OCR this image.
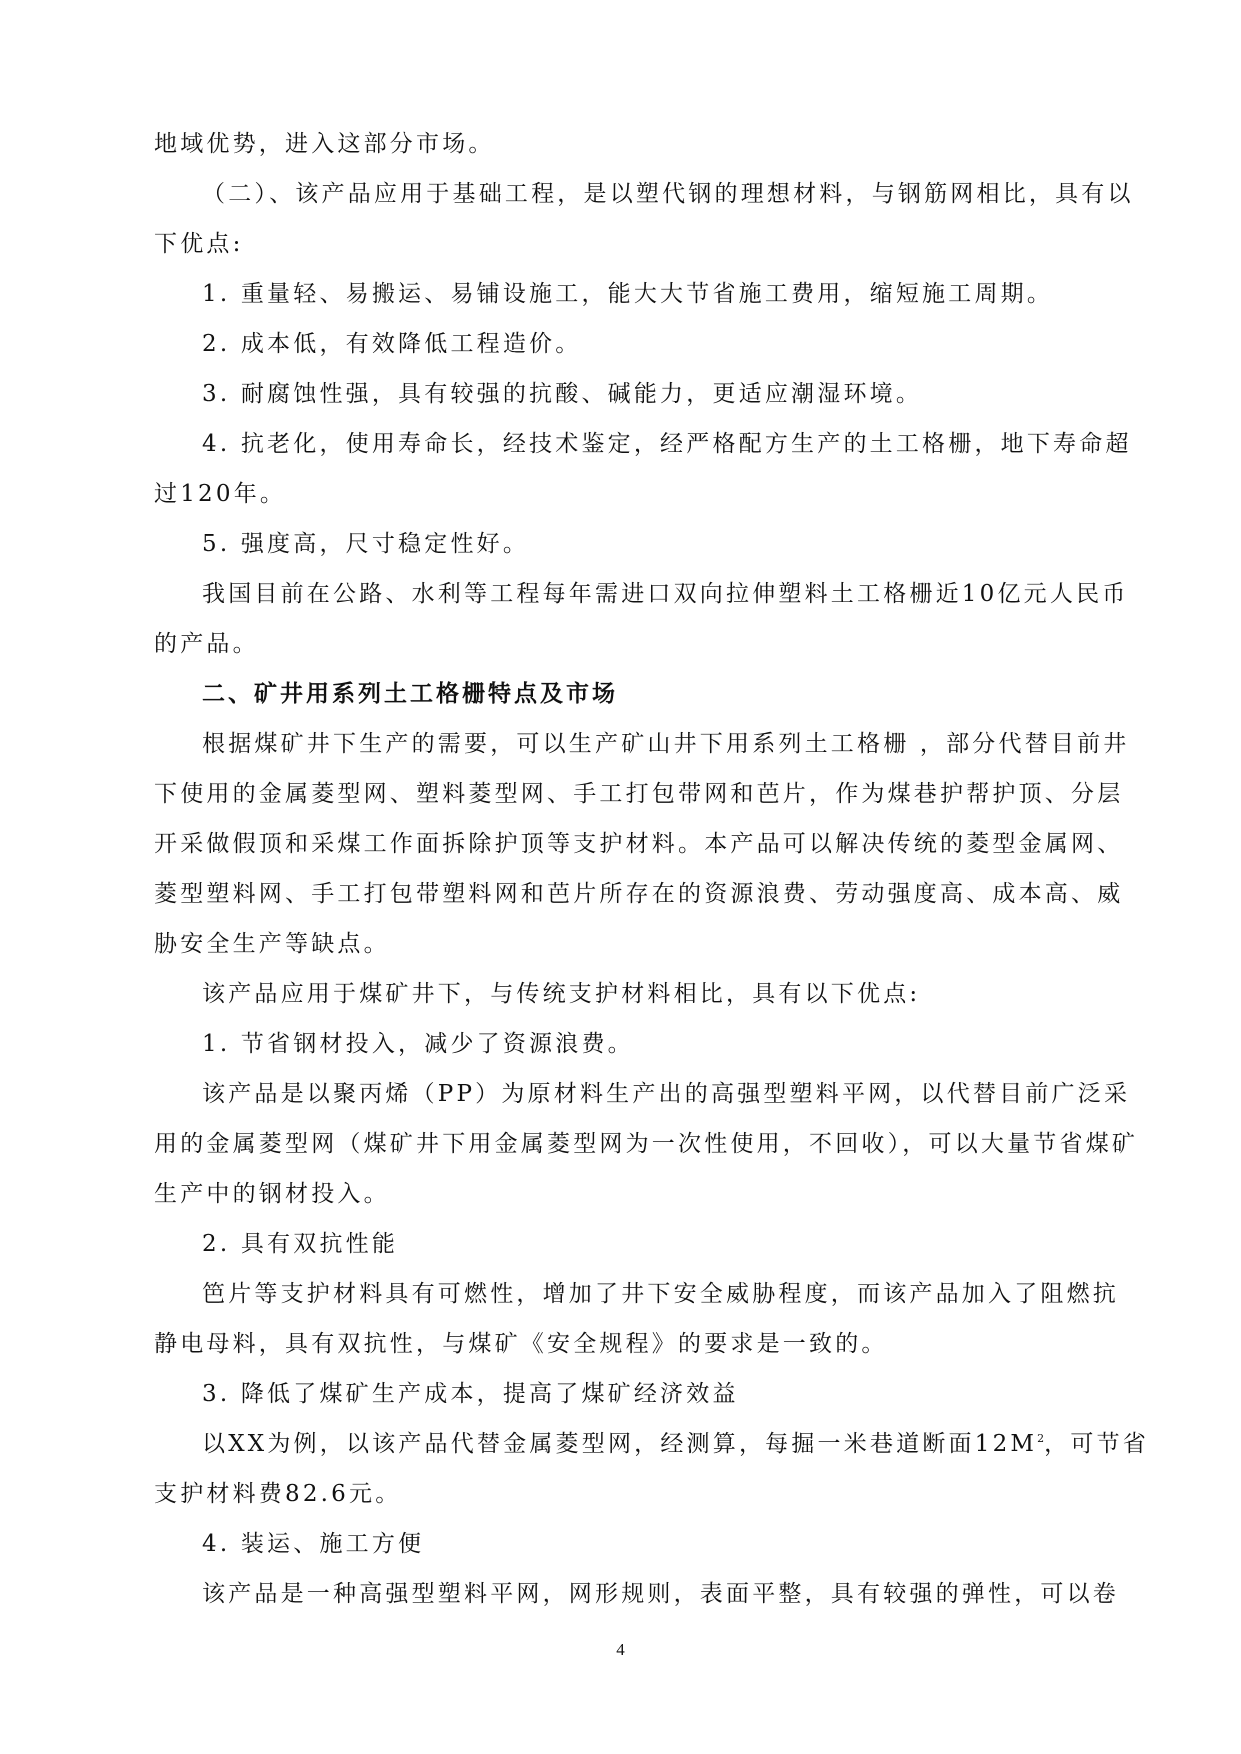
地域优势，进入这部分市场。
（二）、该产品应用于基础工程，是以塑代钢的理想材料，与钢筋网相比，具有以
下优点:
1. 重量轻、易搬运、易铺设施工，能大大节省施工费用，缩短施工周期。
2. 成本低，有效降低工程造价。
3. 耐腐蚀性强，具有较强的抗酸、碱能力，更适应潮湿环境。
4. 抗老化，使用寿命长，经技术鉴定，经严格配方生产的土工格栅，地下寿命超
过120年。
5. 强度高，尺寸稳定性好。
我国目前在公路、水利等工程每年需进口双向拉伸塑料土工格栅近10亿元人民币
的产品。
二、矿井用系列土工格栅特点及市场
根据煤矿井下生产的需要，可以生产矿山井下用系列土工格栅 ，部分代替目前井
下使用的金属菱型网、塑料菱型网、手工打包带网和芭片，作为煤巷护帮护顶、分层
开采做假顶和采煤工作面拆除护顶等支护材料。本产品可以解决传统的菱型金属网、
菱型塑料网、手工打包带塑料网和芭片所存在的资源浪费、劳动强度高、成本高、威
胁安全生产等缺点。
该产品应用于煤矿井下，与传统支护材料相比，具有以下优点:
1. 节省钢材投入，减少了资源浪费。
该产品是以聚丙烯（PP）为原材料生产出的高强型塑料平网，以代替目前广泛采
用的金属菱型网（煤矿井下用金属菱型网为一次性使用，不回收），可以大量节省煤矿
生产中的钢材投入。
2. 具有双抗性能
笆片等支护材料具有可燃性，增加了井下安全威胁程度，而该产品加入了阻燃抗
静电母料，具有双抗性，与煤矿《安全规程》的要求是一致的。
3. 降低了煤矿生产成本，提高了煤矿经济效益
以XX为例，以该产品代替金属菱型网，经测算，每掘一米巷道断面$12M^2$，可节省
支护材料费82.6元。
4. 装运、施工方便
该产品是一种高强型塑料平网，网形规则，表面平整，具有较强的弹性，可以卷
4
